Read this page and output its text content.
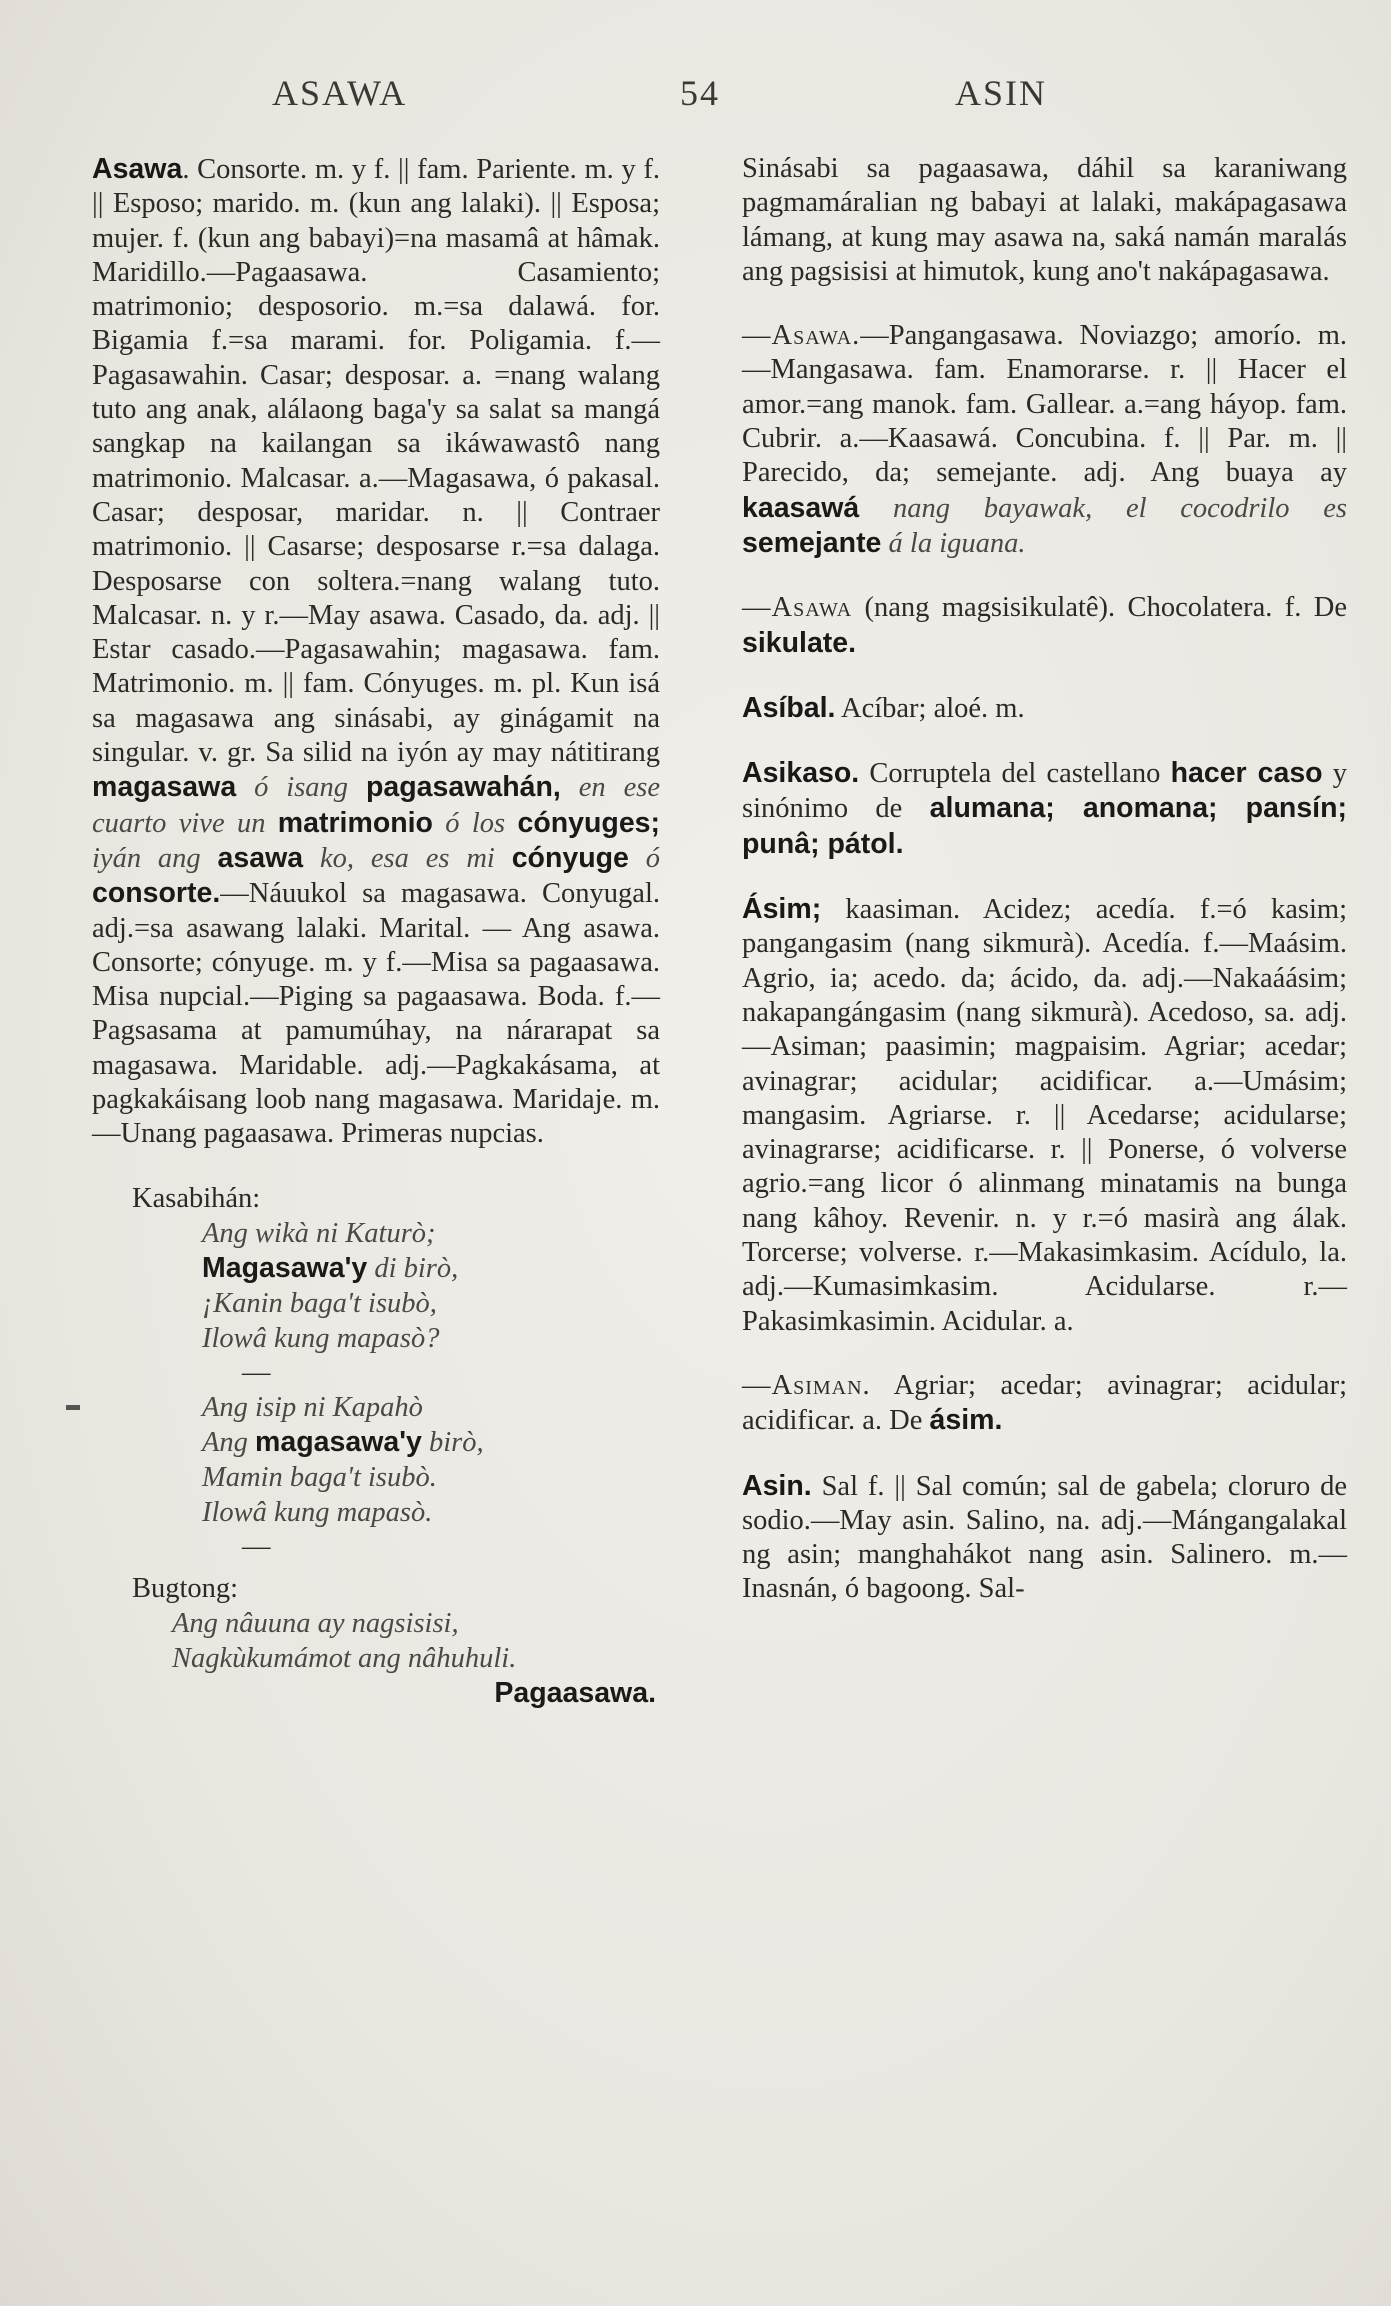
ASAWA	54	ASIN

Asawa. Consorte. m. y f. || fam. Pariente. m. y f. || Esposo; marido. m. (kun ang lalaki). || Esposa; mujer. f. (kun ang babayi)=na masamâ at hâmak. Maridillo.—Pagaasawa. Casamiento; matrimonio; desposorio. m.=sa dalawá. for. Bigamia f.=sa marami. for. Poligamia. f.—Pagasawahin. Casar; desposar. a. =nang walang tuto ang anak, alálaong baga'y sa salat sa mangá sangkap na kailangan sa ikáwawastô nang matrimonio. Malcasar. a.—Magasawa, ó pakasal. Casar; desposar, maridar. n. || Contraer matrimonio. || Casarse; desposarse r.=sa dalaga. Desposarse con soltera.=nang walang tuto. Malcasar. n. y r.—May asawa. Casado, da. adj. || Estar casado.—Pagasawahin; magasawa. fam. Matrimonio. m. || fam. Cónyuges. m. pl. Kun isá sa magasawa ang sinásabi, ay ginágamit na singular. v. gr. Sa silid na iyón ay may nátitirang magasawa ó isang pagasawahán, en ese cuarto vive un matrimonio ó los cónyuges; iyán ang asawa ko, esa es mi cónyuge ó consorte.—Náuukol sa magasawa. Conyugal. adj.=sa asawang lalaki. Marital. — Ang asawa. Consorte; cónyuge. m. y f.—Misa sa pagaasawa. Misa nupcial.—Piging sa pagaasawa. Boda. f.—Pagsasama at pamumúhay, na nárarapat sa magasawa. Maridable. adj.—Pagkakásama, at pagkakáisang loob nang magasawa. Maridaje. m.—Unang pagaasawa. Primeras nupcias.

Kasabihán:
Ang wikà ni Katurò;
Magasawa'y di birò,
¡Kanin baga't isubò,
Ilowâ kung mapasò?
—
Ang isip ni Kapahò
Ang magasawa'y birò,
Mamin baga't isubò.
Ilowâ kung mapasò.
—
Bugtong:
Ang nâuuna ay nagsisisi,
Nagkùkumámot ang nâhuhuli.
Pagaasawa.

Sinásabi sa pagaasawa, dáhil sa karaniwang pagmamáralian ng babayi at lalaki, makápagasawa lámang, at kung may asawa na, saká namán maralás ang pagsisisi at himutok, kung ano't nakápagasawa.

—Asawa.—Pangangasawa. Noviazgo; amorío. m.—Mangasawa. fam. Enamorarse. r. || Hacer el amor.=ang manok. fam. Gallear. a.=ang háyop. fam. Cubrir. a.—Kaasawá. Concubina. f. || Par. m. || Parecido, da; semejante. adj. Ang buaya ay kaasawá nang bayawak, el cocodrilo es semejante á la iguana.

—Asawa (nang magsisikulatê). Chocolatera. f. De sikulate.

Asíbal. Acíbar; aloé. m.

Asikaso. Corruptela del castellano hacer caso y sinónimo de alumana; anomana; pansín; punâ; pátol.

Ásim; kaasiman. Acidez; acedía. f.=ó kasim; pangangasim (nang sikmurà). Acedía. f.—Maásim. Agrio, ia; acedo. da; ácido, da. adj.—Nakaáásim; nakapangángasim (nang sikmurà). Acedoso, sa. adj.—Asiman; paasimin; magpaisim. Agriar; acedar; avinagrar; acidular; acidificar. a.—Umásim; mangasim. Agriarse. r. || Acedarse; acidularse; avinagrarse; acidificarse. r. || Ponerse, ó volverse agrio.=ang licor ó alinmang minatamis na bunga nang kâhoy. Revenir. n. y r.=ó masirà ang álak. Torcerse; volverse. r.—Makasimkasim. Acídulo, la. adj.—Kumasimkasim. Acidularse. r.—Pakasimkasimin. Acidular. a.

—Asiman. Agriar; acedar; avinagrar; acidular; acidificar. a. De ásim.

Asin. Sal f. || Sal común; sal de gabela; cloruro de sodio.—May asin. Salino, na. adj.—Mángangalakal ng asin; manghahákot nang asin. Salinero. m.—Inasnán, ó bagoong. Sal-
